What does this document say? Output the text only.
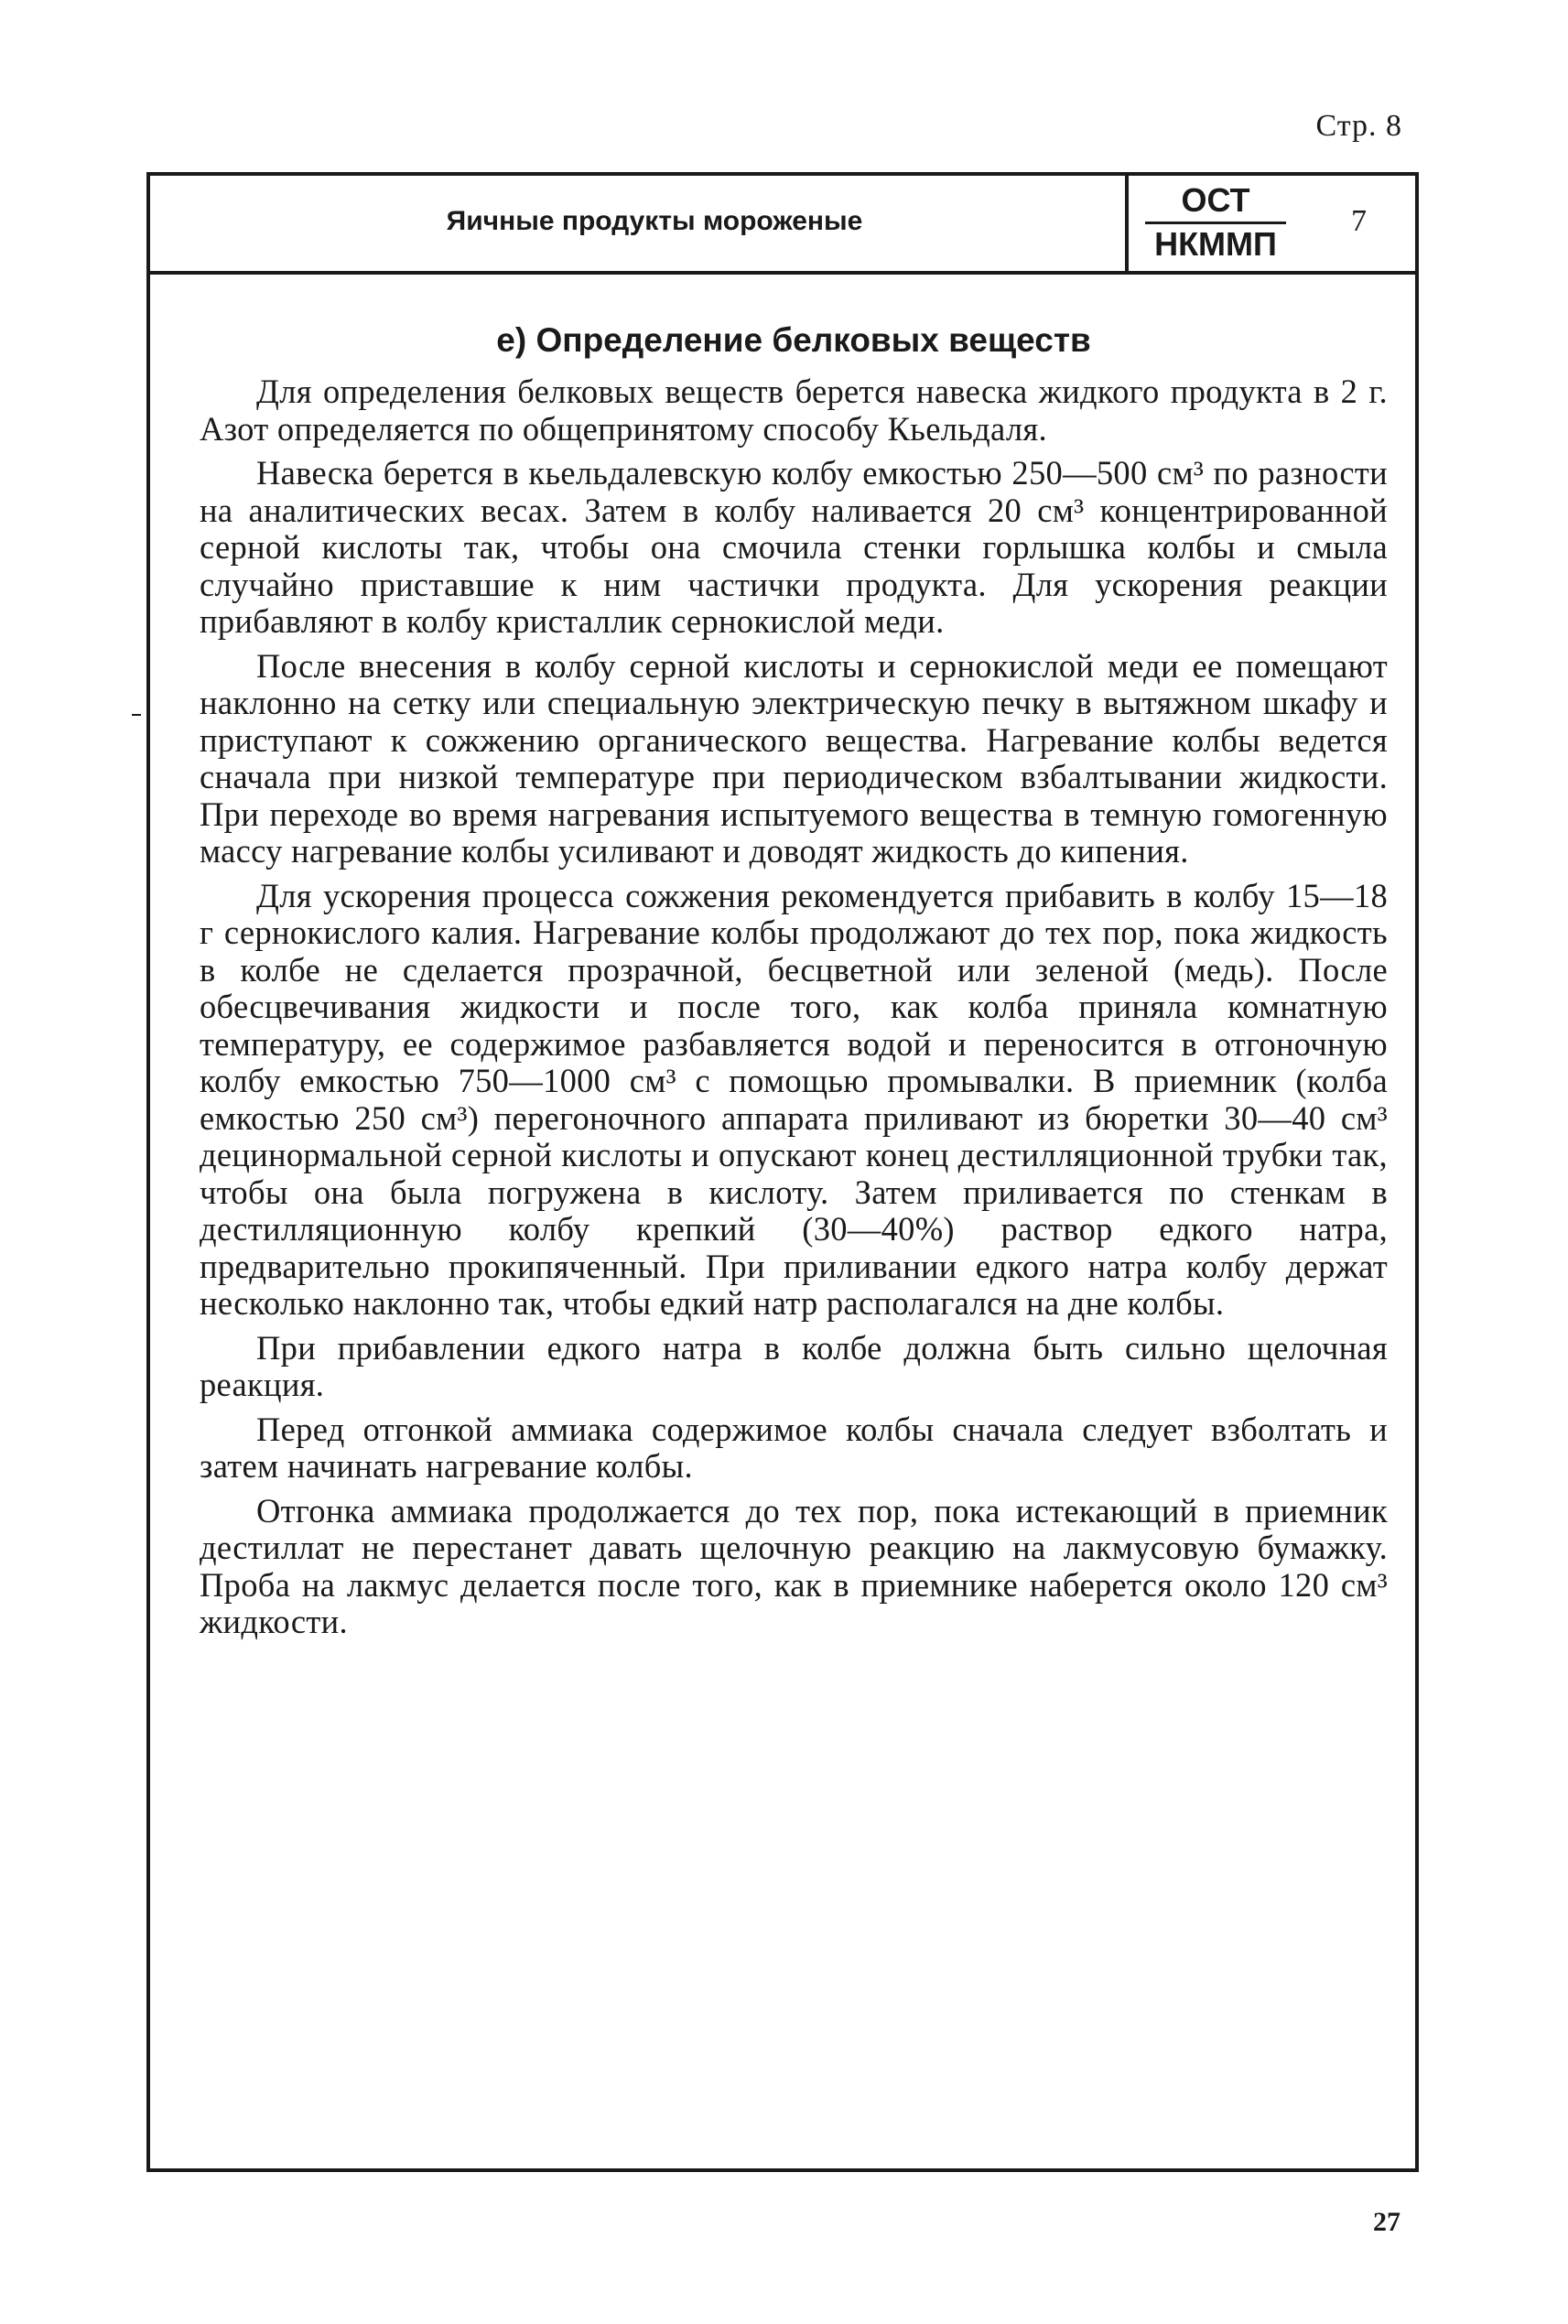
Стр. 8
Яичные продукты мороженые
ОСТ
НКММП
7
е) Определение белковых веществ

Для определения белковых веществ берется навеска жидкого продукта в 2 г. Азот определяется по общепринятому способу Кьельдаля.

Навеска берется в кьельдалевскую колбу емкостью 250—500 см³ по разности на аналитических весах. Затем в колбу наливается 20 см³ концентрированной серной кислоты так, чтобы она смочила стенки горлышка колбы и смыла случайно приставшие к ним частички продукта. Для ускорения реакции прибавляют в колбу кристаллик сернокислой меди.

После внесения в колбу серной кислоты и сернокислой меди ее помещают наклонно на сетку или специальную электрическую печку в вытяжном шкафу и приступают к сожжению органического вещества. Нагревание колбы ведется сначала при низкой температуре при периодическом взбалтывании жидкости. При переходе во время нагревания испытуемого вещества в темную гомогенную массу нагревание колбы усиливают и доводят жидкость до кипения.

Для ускорения процесса сожжения рекомендуется прибавить в колбу 15—18 г сернокислого калия. Нагревание колбы продолжают до тех пор, пока жидкость в колбе не сделается прозрачной, бесцветной или зеленой (медь). После обесцвечивания жидкости и после того, как колба приняла комнатную температуру, ее содержимое разбавляется водой и переносится в отгоночную колбу емкостью 750—1000 см³ с помощью промывалки. В приемник (колба емкостью 250 см³) перегоночного аппарата приливают из бюретки 30—40 см³ децинормальной серной кислоты и опускают конец дестилляционной трубки так, чтобы она была погружена в кислоту. Затем приливается по стенкам в дестилляционную колбу крепкий (30—40%) раствор едкого натра, предварительно прокипяченный. При приливании едкого натра колбу держат несколько наклонно так, чтобы едкий натр располагался на дне колбы.

При прибавлении едкого натра в колбе должна быть сильно щелочная реакция.

Перед отгонкой аммиака содержимое колбы сначала следует взболтать и затем начинать нагревание колбы.

Отгонка аммиака продолжается до тех пор, пока истекающий в приемник дестиллат не перестанет давать щелочную реакцию на лакмусовую бумажку. Проба на лакмус делается после того, как в приемнике наберется около 120 см³ жидкости.

27
